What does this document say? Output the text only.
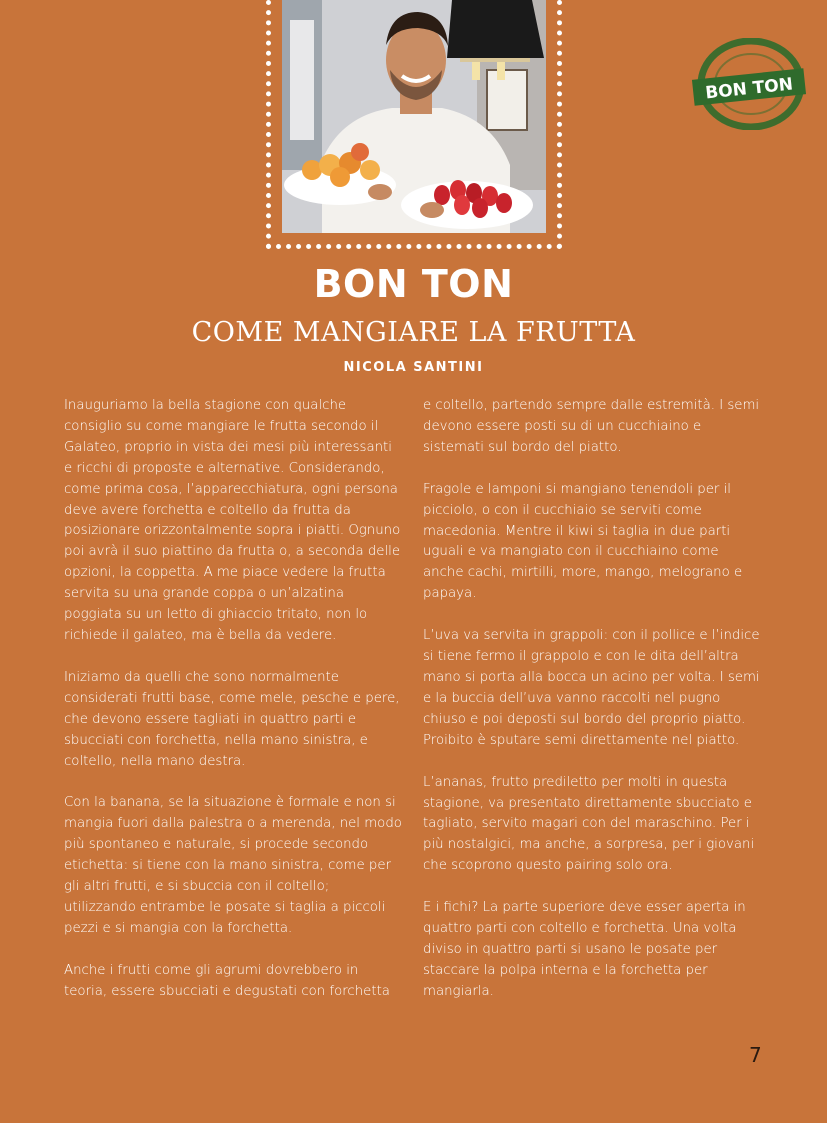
BON TON
BON TON
COME MANGIARE LA FRUTTA
NICOLA SANTINI

Inauguriamo la bella stagione con qualche consiglio su come mangiare le frutta secondo il Galateo, proprio in vista dei mesi più interessanti e ricchi di proposte e alternative. Considerando, come prima cosa, l’apparecchiatura, ogni persona deve avere forchetta e coltello da frutta da posizionare orizzontalmente sopra i piatti. Ognuno poi avrà il suo piattino da frutta o, a seconda delle opzioni, la coppetta. A me piace vedere la frutta servita su una grande coppa o un’alzatina poggiata su un letto di ghiaccio tritato, non lo richiede il galateo, ma è bella da vedere.

Iniziamo da quelli che sono normalmente considerati frutti base, come mele, pesche e pere, che devono essere tagliati in quattro parti e sbucciati con forchetta, nella mano sinistra, e coltello, nella mano destra.

Con la banana, se la situazione è formale e non si mangia fuori dalla palestra o a merenda, nel modo più spontaneo e naturale, si procede secondo etichetta: si tiene con la mano sinistra, come per gli altri frutti, e si sbuccia con il coltello; utilizzando entrambe le posate si taglia a piccoli pezzi e si mangia con la forchetta.

Anche i frutti come gli agrumi dovrebbero in teoria, essere sbucciati e degustati con forchetta

e coltello, partendo sempre dalle estremità. I semi devono essere posti su di un cucchiaino e sistemati sul bordo del piatto.

Fragole e lamponi si mangiano tenendoli per il picciolo, o con il cucchiaio se serviti come macedonia. Mentre il kiwi si taglia in due parti uguali e va mangiato con il cucchiaino come anche cachi, mirtilli, more, mango, melograno e papaya.

L’uva va servita in grappoli: con il pollice e l’indice si tiene fermo il grappolo e con le dita dell’altra mano si porta alla bocca un acino per volta. I semi e la buccia dell’uva vanno raccolti nel pugno chiuso e poi deposti sul bordo del proprio piatto. Proibito è sputare semi direttamente nel piatto.

L’ananas, frutto prediletto per molti in questa stagione, va presentato direttamente sbucciato e tagliato, servito magari con del maraschino. Per i più nostalgici, ma anche, a sorpresa, per i giovani che scoprono questo pairing solo ora.

E i fichi? La parte superiore deve esser aperta in quattro parti con coltello e forchetta. Una volta diviso in quattro parti si usano le posate per staccare la polpa interna e la forchetta per mangiarla.

7
